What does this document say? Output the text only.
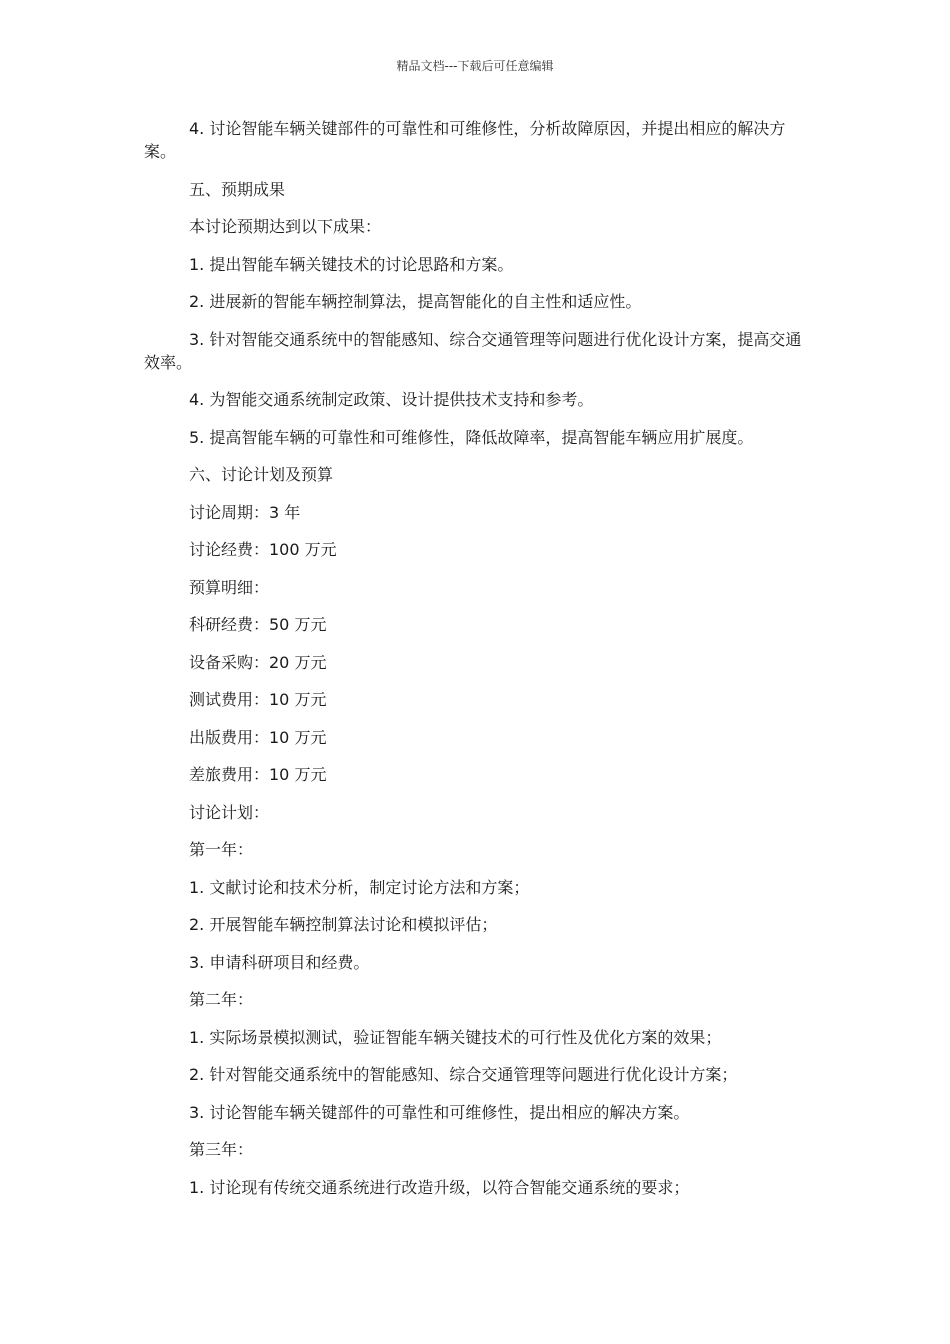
精品文档---下载后可任意编辑

4. 讨论智能车辆关键部件的可靠性和可维修性，分析故障原因，并提出相应的解决方案。

五、预期成果

本讨论预期达到以下成果：

1. 提出智能车辆关键技术的讨论思路和方案。

2. 进展新的智能车辆控制算法，提高智能化的自主性和适应性。

3. 针对智能交通系统中的智能感知、综合交通管理等问题进行优化设计方案，提高交通效率。

4. 为智能交通系统制定政策、设计提供技术支持和参考。

5. 提高智能车辆的可靠性和可维修性，降低故障率，提高智能车辆应用扩展度。

六、讨论计划及预算

讨论周期：3 年

讨论经费：100 万元

预算明细：

科研经费：50 万元

设备采购：20 万元

测试费用：10 万元

出版费用：10 万元

差旅费用：10 万元

讨论计划：

第一年：

1. 文献讨论和技术分析，制定讨论方法和方案；

2. 开展智能车辆控制算法讨论和模拟评估；

3. 申请科研项目和经费。

第二年：

1. 实际场景模拟测试，验证智能车辆关键技术的可行性及优化方案的效果；

2. 针对智能交通系统中的智能感知、综合交通管理等问题进行优化设计方案；

3. 讨论智能车辆关键部件的可靠性和可维修性，提出相应的解决方案。

第三年：

1. 讨论现有传统交通系统进行改造升级，以符合智能交通系统的要求；
